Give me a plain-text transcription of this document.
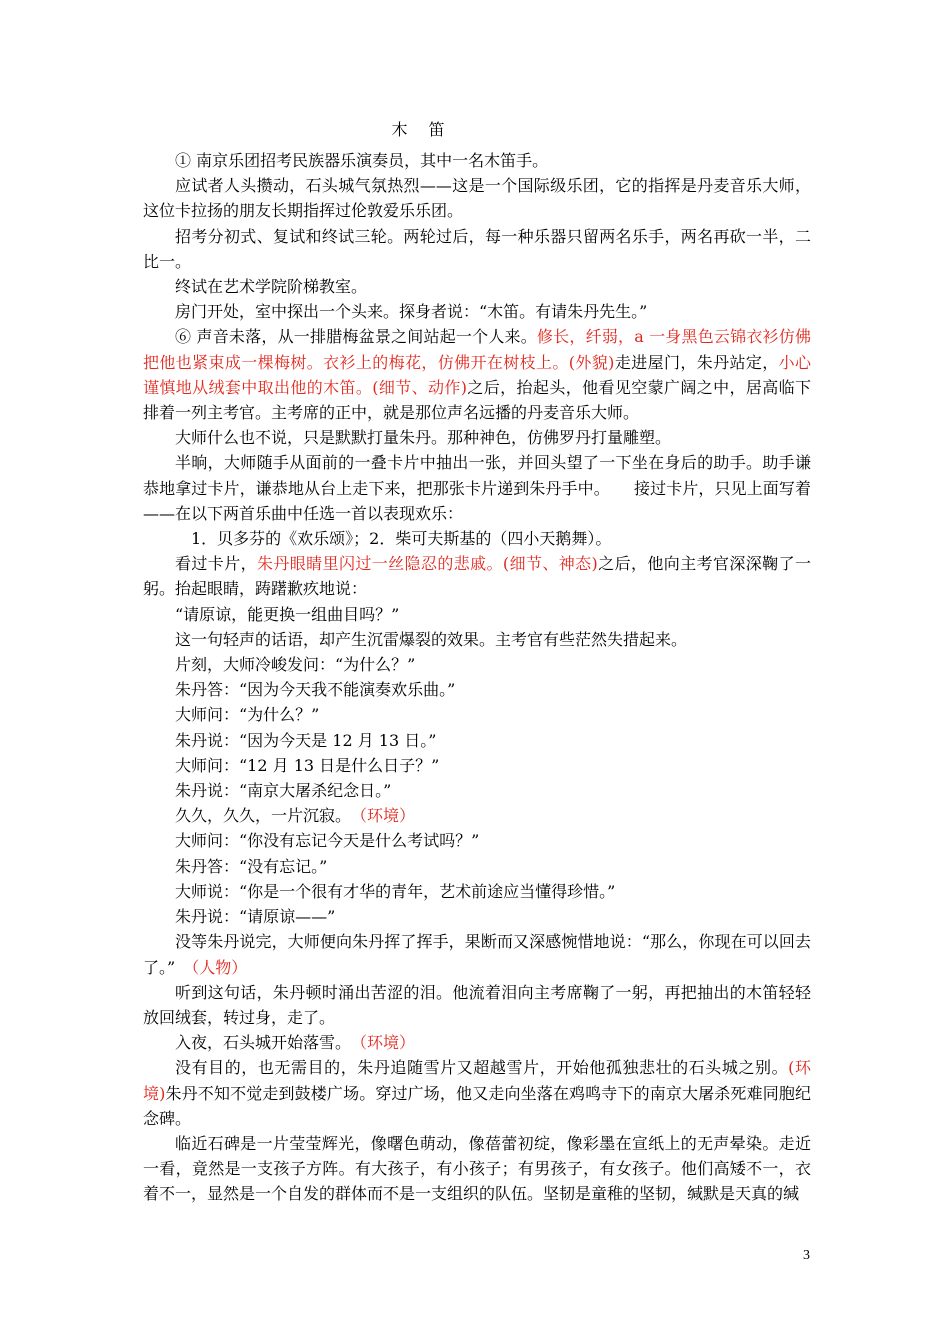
木 笛

① 南京乐团招考民族器乐演奏员，其中一名木笛手。

应试者人头攒动，石头城气氛热烈——这是一个国际级乐团，它的指挥是丹麦音乐大师，这位卡拉扬的朋友长期指挥过伦敦爱乐乐团。

招考分初式、复试和终试三轮。两轮过后，每一种乐器只留两名乐手，两名再砍一半，二比一。

终试在艺术学院阶梯教室。

房门开处，室中探出一个头来。探身者说：“木笛。有请朱丹先生。”

⑥ 声音未落，从一排腊梅盆景之间站起一个人来。修长，纤弱，a 一身黑色云锦衣衫仿佛把他也紧束成一棵梅树。衣衫上的梅花，仿佛开在树枝上。(外貌)走进屋门，朱丹站定，小心谨慎地从绒套中取出他的木笛。(细节、动作)之后，抬起头，他看见空蒙广阔之中，居高临下排着一列主考官。主考席的正中，就是那位声名远播的丹麦音乐大师。

大师什么也不说，只是默默打量朱丹。那种神色，仿佛罗丹打量雕塑。

半晌，大师随手从面前的一叠卡片中抽出一张，并回头望了一下坐在身后的助手。助手谦恭地拿过卡片，谦恭地从台上走下来，把那张卡片递到朱丹手中。　　接过卡片，只见上面写着——在以下两首乐曲中任选一首以表现欢乐：

　1．贝多芬的《欢乐颂》；2．柴可夫斯基的（四小天鹅舞）。

看过卡片，朱丹眼睛里闪过一丝隐忍的悲戚。(细节、神态)之后，他向主考官深深鞠了一躬。抬起眼睛，踌躇歉疚地说：

“请原谅，能更换一组曲目吗？”

这一句轻声的话语，却产生沉雷爆裂的效果。主考官有些茫然失措起来。

片刻，大师冷峻发问：“为什么？”

朱丹答：“因为今天我不能演奏欢乐曲。”

大师问：“为什么？”

朱丹说：“因为今天是 12 月 13 日。”

大师问：“12 月 13 日是什么日子？”

朱丹说：“南京大屠杀纪念日。”

久久，久久，一片沉寂。　（环境）

大师问：“你没有忘记今天是什么考试吗？”

朱丹答：“没有忘记。”

大师说：“你是一个很有才华的青年，艺术前途应当懂得珍惜。”

朱丹说：“请原谅——”

没等朱丹说完，大师便向朱丹挥了挥手，果断而又深感惋惜地说：“那么，你现在可以回去了。”　（人物）

听到这句话，朱丹顿时涌出苦涩的泪。他流着泪向主考席鞠了一躬，再把抽出的木笛轻轻放回绒套，转过身，走了。

入夜，石头城开始落雪。　（环境）

没有目的，也无需目的，朱丹追随雪片又超越雪片，开始他孤独悲壮的石头城之别。(环境)朱丹不知不觉走到鼓楼广场。穿过广场，他又走向坐落在鸡鸣寺下的南京大屠杀死难同胞纪念碑。

临近石碑是一片莹莹辉光，像曙色萌动，像蓓蕾初绽，像彩墨在宣纸上的无声晕染。走近一看，竟然是一支孩子方阵。有大孩子，有小孩子；有男孩子，有女孩子。他们高矮不一，衣着不一，显然是一个自发的群体而不是一支组织的队伍。坚韧是童稚的坚韧，缄默是天真的缄

3
